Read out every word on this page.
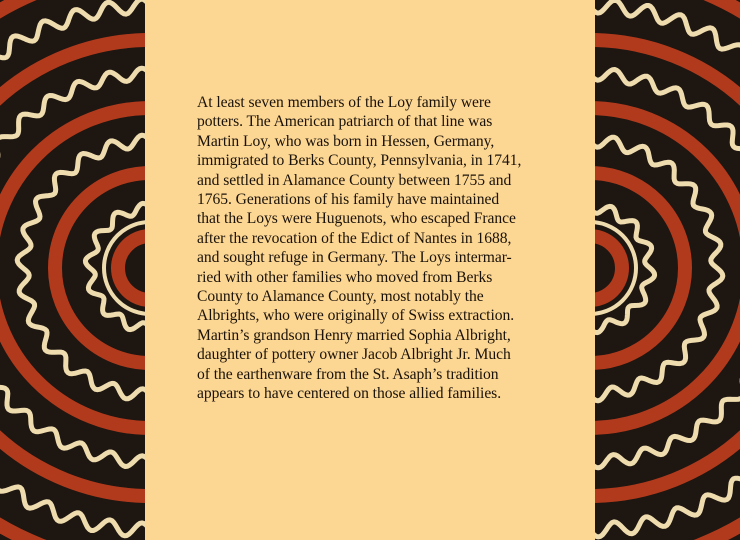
At least seven members of the Loy family were
potters. The American patriarch of that line was
Martin Loy, who was born in Hessen, Germany,
immigrated to Berks County, Pennsylvania, in 1741,
and settled in Alamance County between 1755 and
1765. Generations of his family have maintained
that the Loys were Huguenots, who escaped France
after the revocation of the Edict of Nantes in 1688,
and sought refuge in Germany. The Loys intermar-
ried with other families who moved from Berks
County to Alamance County, most notably the
Albrights, who were originally of Swiss extraction.
Martin’s grandson Henry married Sophia Albright,
daughter of pottery owner Jacob Albright Jr. Much
of the earthenware from the St. Asaph’s tradition
appears to have centered on those allied families.
